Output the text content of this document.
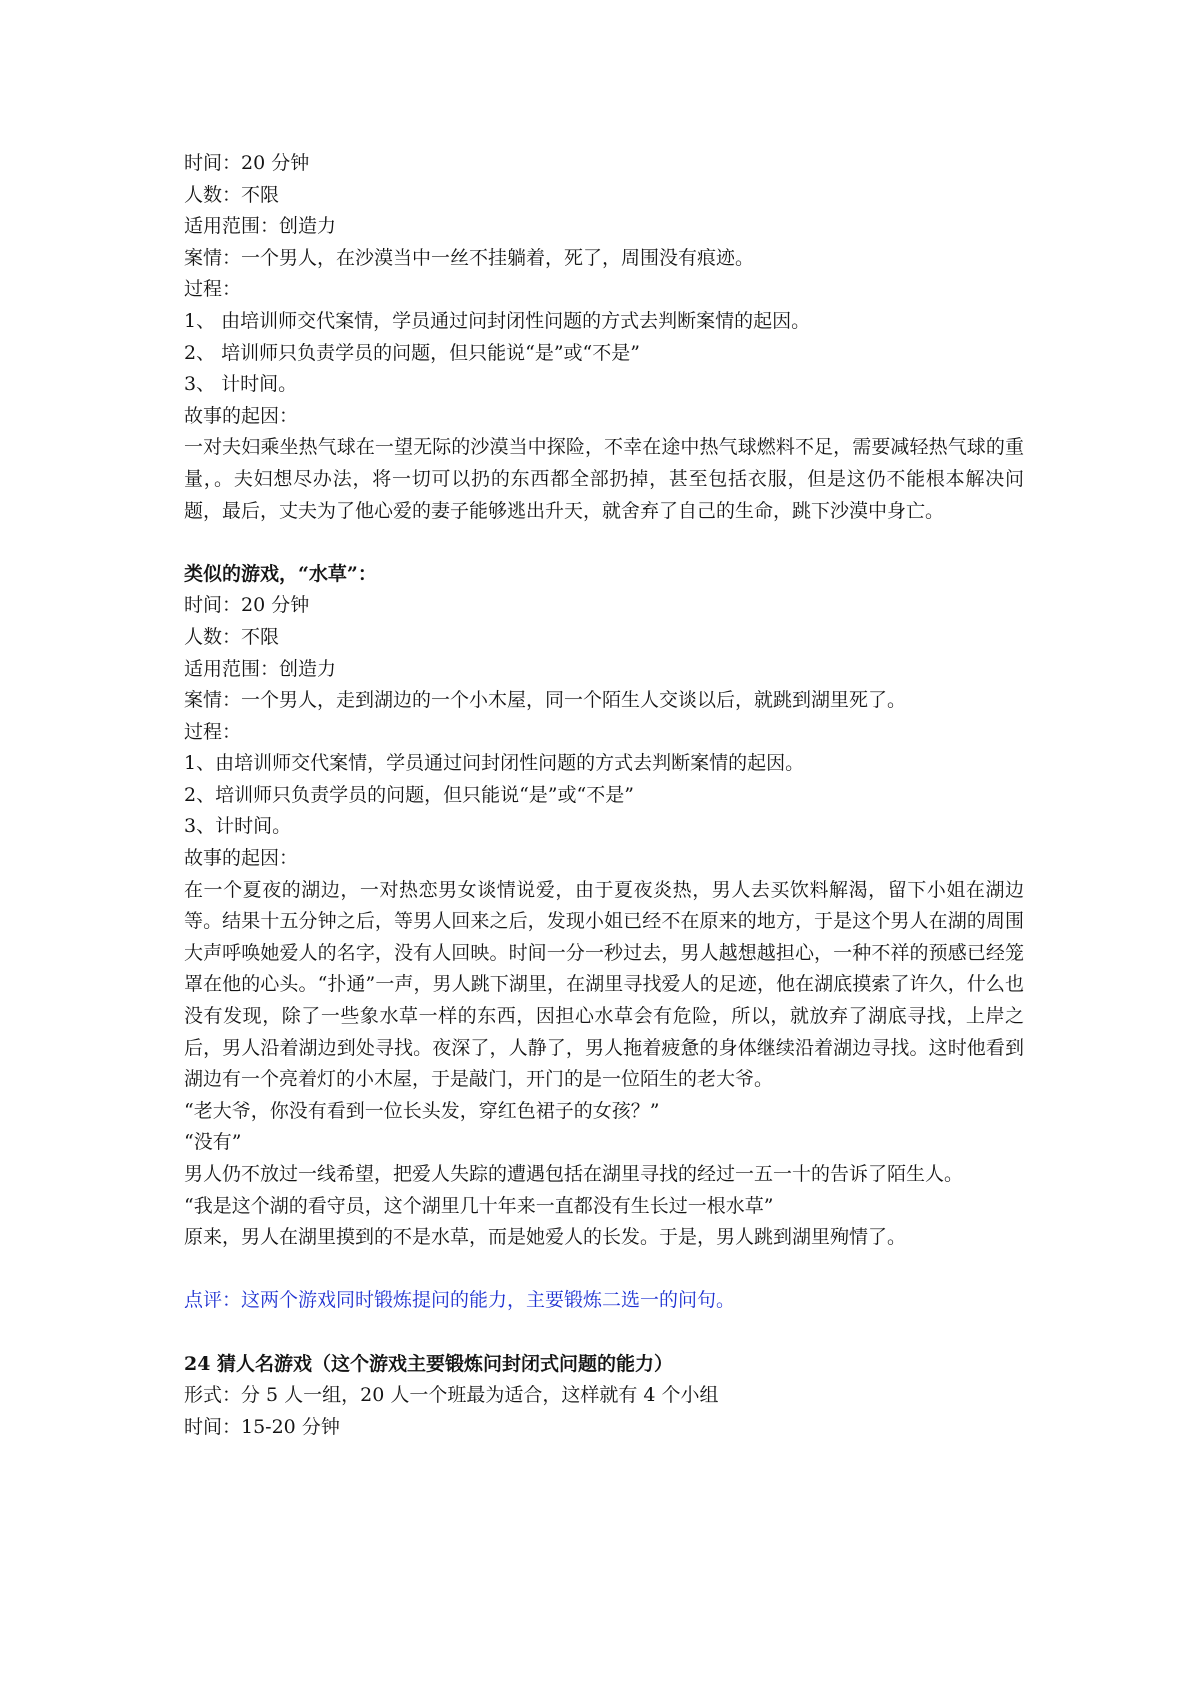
时间：20 分钟
人数：不限
适用范围：创造力
案情：一个男人，在沙漠当中一丝不挂躺着，死了，周围没有痕迹。
过程：
1、 由培训师交代案情，学员通过问封闭性问题的方式去判断案情的起因。
2、 培训师只负责学员的问题，但只能说“是”或“不是”
3、 计时间。
故事的起因：
一对夫妇乘坐热气球在一望无际的沙漠当中探险，不幸在途中热气球燃料不足，需要减轻热气球的重量，。夫妇想尽办法，将一切可以扔的东西都全部扔掉，甚至包括衣服，但是这仍不能根本解决问题，最后，丈夫为了他心爱的妻子能够逃出升天，就舍弃了自己的生命，跳下沙漠中身亡。
类似的游戏，“水草”：
时间：20 分钟
人数：不限
适用范围：创造力
案情：一个男人，走到湖边的一个小木屋，同一个陌生人交谈以后，就跳到湖里死了。
过程：
1、由培训师交代案情，学员通过问封闭性问题的方式去判断案情的起因。
2、培训师只负责学员的问题，但只能说“是”或“不是”
3、计时间。
故事的起因：
在一个夏夜的湖边，一对热恋男女谈情说爱，由于夏夜炎热，男人去买饮料解渴，留下小姐在湖边等。结果十五分钟之后，等男人回来之后，发现小姐已经不在原来的地方，于是这个男人在湖的周围大声呼唤她爱人的名字，没有人回映。时间一分一秒过去，男人越想越担心，一种不祥的预感已经笼罩在他的心头。“扑通”一声，男人跳下湖里，在湖里寻找爱人的足迹，他在湖底摸索了许久，什么也没有发现，除了一些象水草一样的东西，因担心水草会有危险，所以，就放弃了湖底寻找，上岸之后，男人沿着湖边到处寻找。夜深了，人静了，男人拖着疲惫的身体继续沿着湖边寻找。这时他看到湖边有一个亮着灯的小木屋，于是敲门，开门的是一位陌生的老大爷。
“老大爷，你没有看到一位长头发，穿红色裙子的女孩？”
“没有”
男人仍不放过一线希望，把爱人失踪的遭遇包括在湖里寻找的经过一五一十的告诉了陌生人。
“我是这个湖的看守员，这个湖里几十年来一直都没有生长过一根水草”
原来，男人在湖里摸到的不是水草，而是她爱人的长发。于是，男人跳到湖里殉情了。
点评：这两个游戏同时锻炼提问的能力，主要锻炼二选一的问句。
24 猜人名游戏（这个游戏主要锻炼问封闭式问题的能力）
形式：分 5 人一组，20 人一个班最为适合，这样就有 4 个小组
时间：15-20 分钟
